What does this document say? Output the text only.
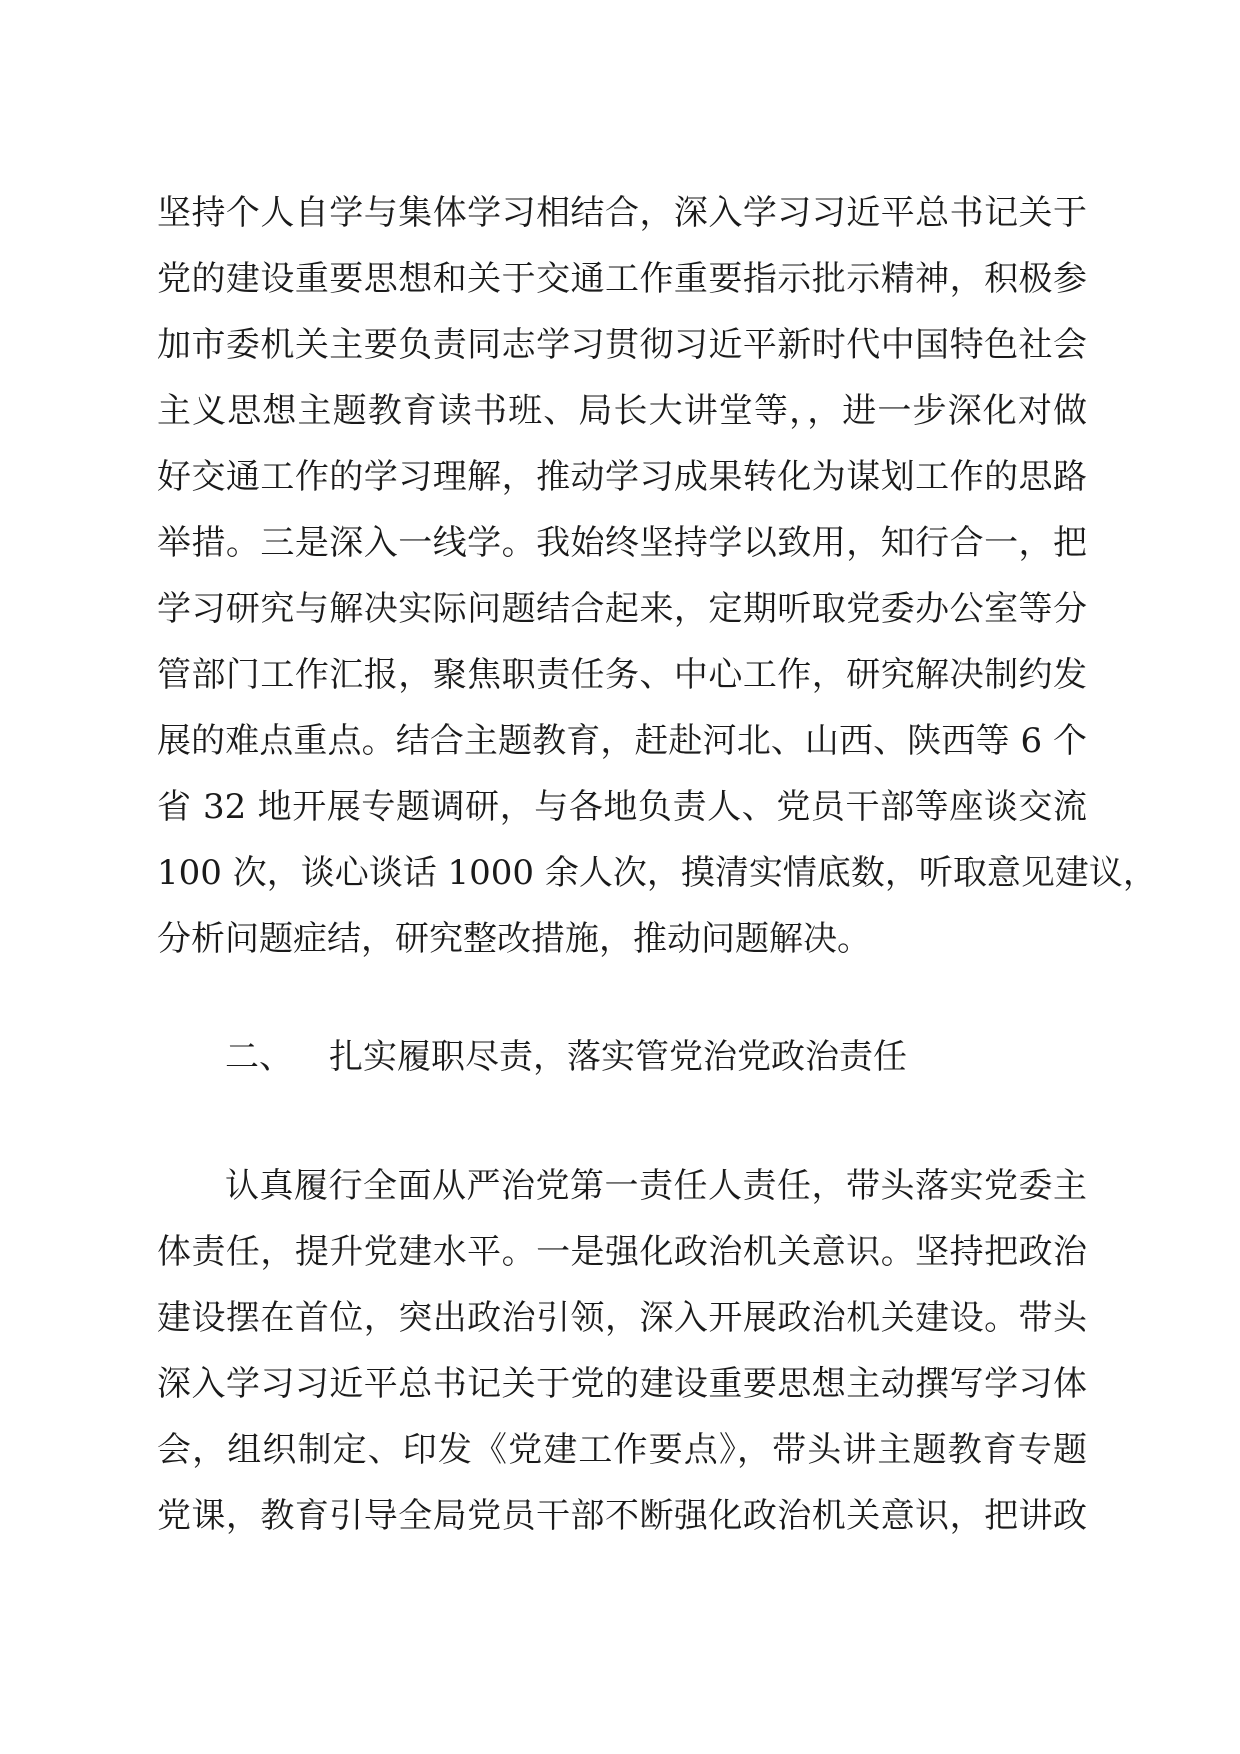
坚持个人自学与集体学习相结合，深入学习习近平总书记关于
党的建设重要思想和关于交通工作重要指示批示精神，积极参
加市委机关主要负责同志学习贯彻习近平新时代中国特色社会
主义思想主题教育读书班、局长大讲堂等，，进一步深化对做
好交通工作的学习理解，推动学习成果转化为谋划工作的思路
举措。三是深入一线学。我始终坚持学以致用，知行合一，把
学习研究与解决实际问题结合起来，定期听取党委办公室等分
管部门工作汇报，聚焦职责任务、中心工作，研究解决制约发
展的难点重点。结合主题教育，赶赴河北、山西、陕西等 6 个
省 32 地开展专题调研，与各地负责人、党员干部等座谈交流
100 次，谈心谈话 1000 余人次，摸清实情底数，听取意见建议，
分析问题症结，研究整改措施，推动问题解决。
二、 扎实履职尽责，落实管党治党政治责任
认真履行全面从严治党第一责任人责任，带头落实党委主
体责任，提升党建水平。一是强化政治机关意识。坚持把政治
建设摆在首位，突出政治引领，深入开展政治机关建设。带头
深入学习习近平总书记关于党的建设重要思想主动撰写学习体
会，组织制定、印发《党建工作要点》，带头讲主题教育专题
党课，教育引导全局党员干部不断强化政治机关意识，把讲政
